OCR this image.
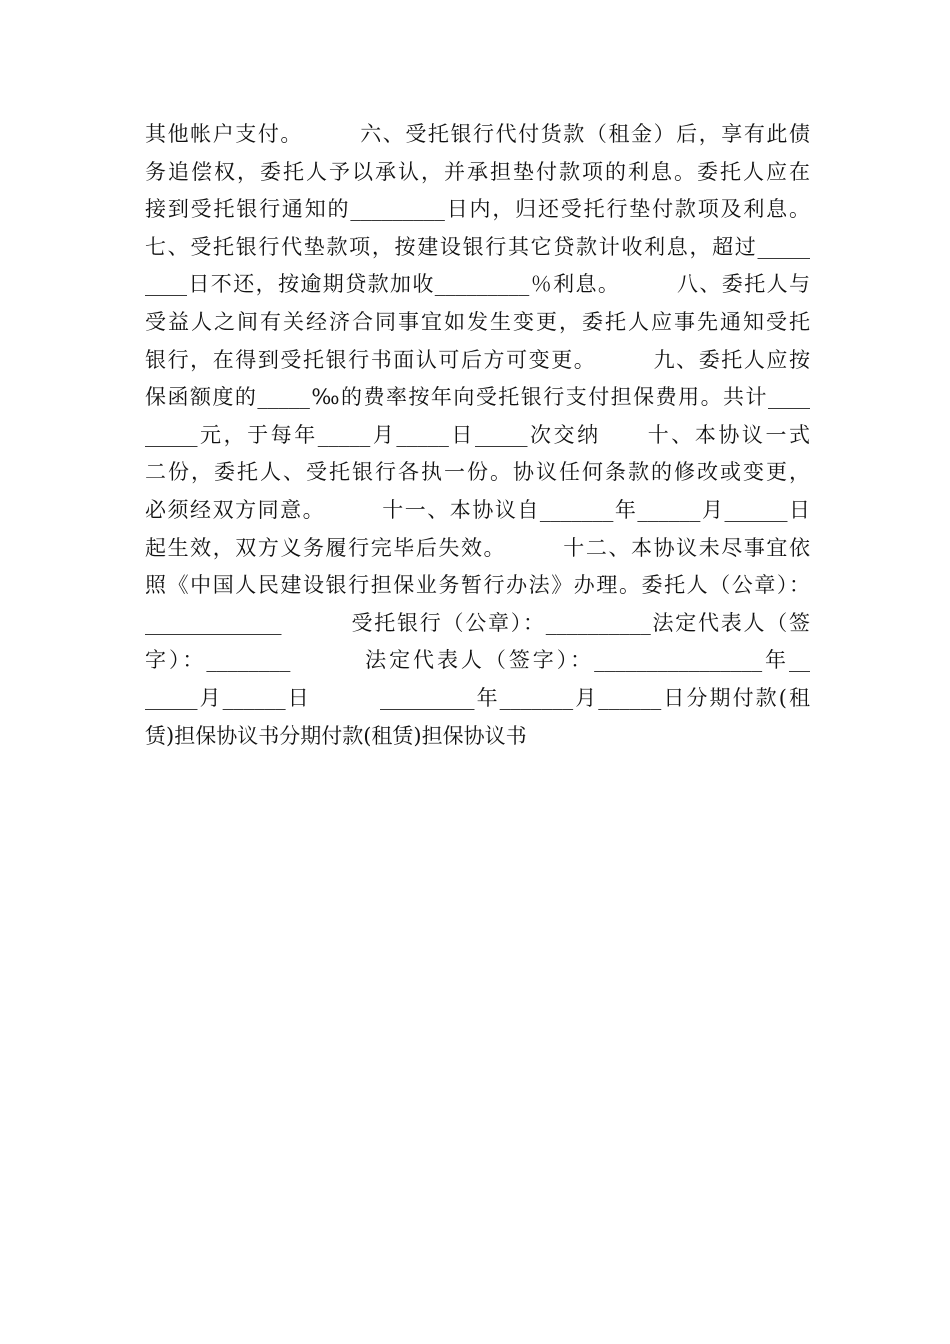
其他帐户支付。　　　六、受托银行代付货款（租金）后，享有此债
务追偿权，委托人予以承认，并承担垫付款项的利息。委托人应在
接到受托银行通知的_________日内，归还受托行垫付款项及利息。
七、受托银行代垫款项，按建设银行其它贷款计收利息，超过_____
____日不还，按逾期贷款加收_________％利息。　　　八、委托人与
受益人之间有关经济合同事宜如发生变更，委托人应事先通知受托
银行，在得到受托银行书面认可后方可变更。　　　九、委托人应按
保函额度的_____‰的费率按年向受托银行支付担保费用。共计____
_____元，于每年_____月_____日_____次交纳　　十、本协议一式
二份，委托人、受托银行各执一份。协议任何条款的修改或变更，
必须经双方同意。　　　十一、本协议自_______年______月______日
起生效，双方义务履行完毕后失效。　　　十二、本协议未尽事宜依
照《中国人民建设银行担保业务暂行办法》办理。委托人（公章）：
_____________　　　受托银行（公章）：__________法定代表人（签
字）：________　　　法定代表人（签字）：________________年__
_____月______日　　　_________年_______月______日分期付款(租
赁)担保协议书分期付款(租赁)担保协议书
